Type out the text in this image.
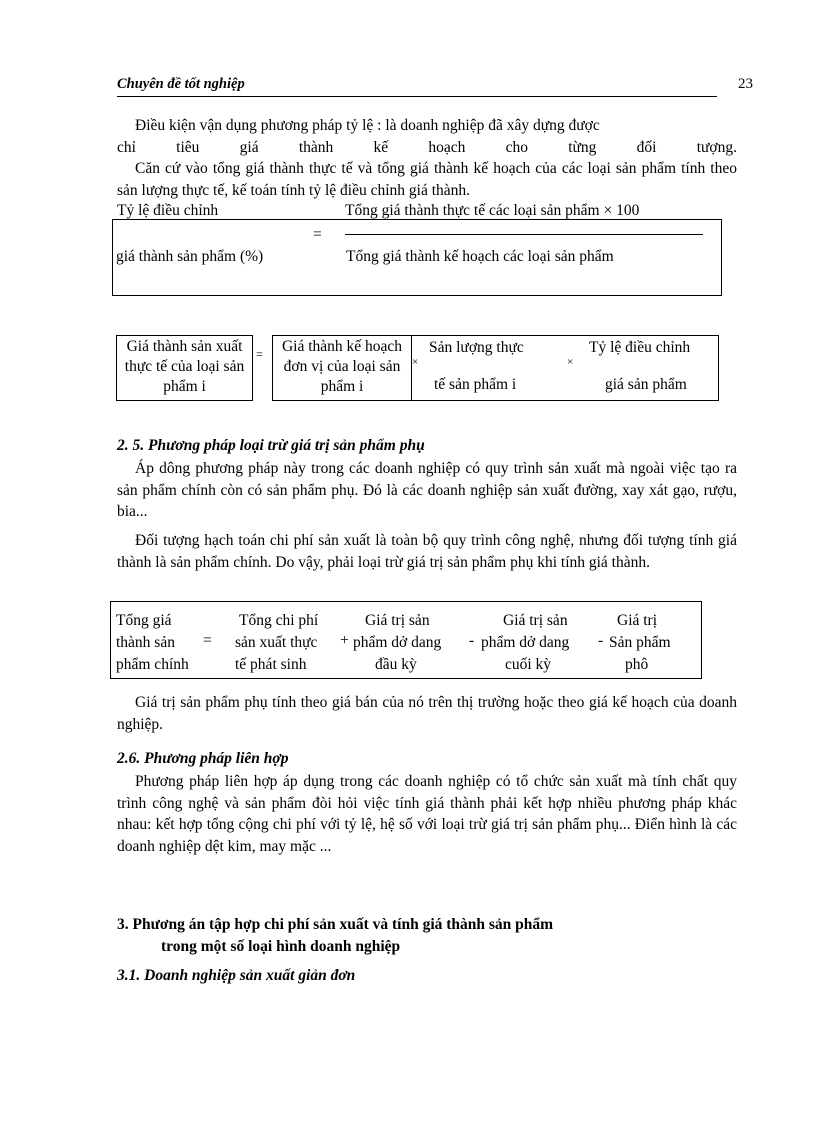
Chuyên đề tốt nghiệp	23
Điều kiện vận dụng phương pháp tỷ lệ : là doanh nghiệp đã xây dựng được
chỉ tiêu giá thành kế hoạch cho từng đối tượng.
Căn cứ vào tổng giá thành thực tế và tổng giá thành kế hoạch của các loại sản phẩm tính theo sản lượng thực tế, kế toán tính tỷ lệ điều chỉnh giá thành.
Tỷ lệ điều chỉnh	Tổng giá thành thực tế các loại sản phẩm × 100
=
giá thành sản phẩm (%)	Tổng giá thành kế hoạch các loại sản phẩm
Giá thành sản xuất thực tế của loại sản phẩm i
=	Giá thành kế hoạch đơn vị của loại sản phẩm i
×
Sản lượng thực
tế sản phẩm i
×
Tỷ lệ điều chỉnh
giá sản phẩm
2. 5. Phương pháp loại trừ giá trị sản phẩm phụ
Áp dông phương pháp này trong các doanh nghiệp có quy trình sản xuất mà ngoài việc tạo ra sản phẩm chính còn có sản phẩm phụ. Đó là các doanh nghiệp sản xuất đường, xay xát gạo, rượu, bia...
Đối tượng hạch toán chi phí sản xuất là toàn bộ quy trình công nghệ, nhưng đối tượng tính giá thành là sản phẩm chính. Do vậy, phải loại trừ giá trị sản phẩm phụ khi tính giá thành.
Tổng giá
thành sản
phẩm chính
=
Tổng chi phí
sản xuất thực
tế phát sinh
+
Giá trị sản
phẩm dở dang
đầu kỳ
-
Giá trị sản
phẩm dở dang
cuối kỳ
-
Giá trị
Sản phẩm
phô
Giá trị sản phẩm phụ tính theo giá bán của nó trên thị trường hoặc theo giá kế hoạch của doanh nghiệp.
2.6. Phương pháp liên hợp
Phương pháp liên hợp áp dụng trong các doanh nghiệp có tổ chức sản xuất mà tính chất quy trình công nghệ và sản phẩm đòi hỏi việc tính giá thành phải kết hợp nhiều phương pháp khác nhau: kết hợp tổng cộng chi phí với tỷ lệ, hệ số với loại trừ giá trị sản phẩm phụ... Điển hình là các doanh nghiệp dệt kim, may mặc ...
3. Phương án tập hợp chi phí sản xuất và tính giá thành sản phẩm
trong một số loại hình doanh nghiệp
3.1. Doanh nghiệp sản xuất giản đơn
